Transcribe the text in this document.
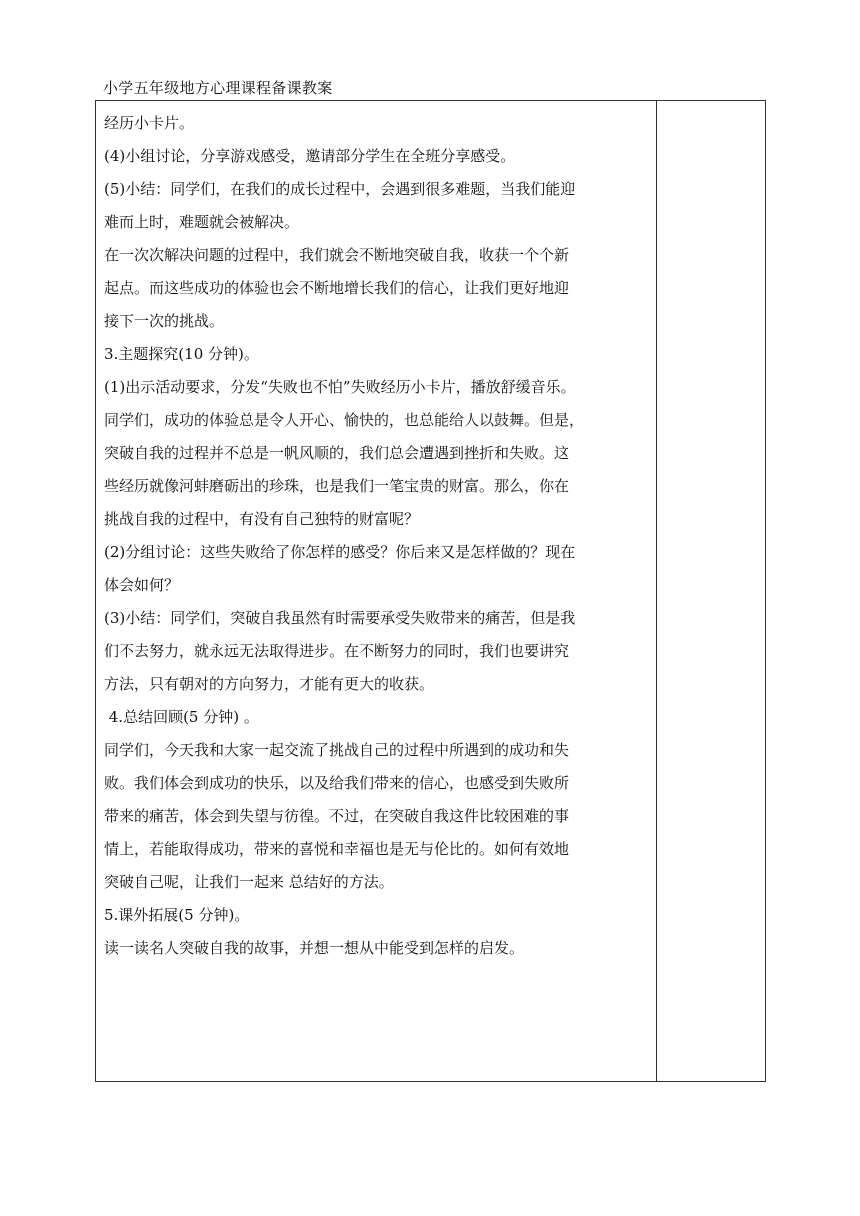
小学五年级地方心理课程备课教案
经历小卡片。
(4)小组讨论，分享游戏感受，邀请部分学生在全班分享感受。
(5)小结：同学们，在我们的成长过程中，会遇到很多难题，当我们能迎
难而上时，难题就会被解决。
在一次次解决问题的过程中，我们就会不断地突破自我，收获一个个新
起点。而这些成功的体验也会不断地增长我们的信心，让我们更好地迎
接下一次的挑战。
3.主题探究(10 分钟)。
(1)出示活动要求，分发“失败也不怕”失败经历小卡片，播放舒缓音乐。
同学们，成功的体验总是令人开心、愉快的，也总能给人以鼓舞。但是，
突破自我的过程并不总是一帆风顺的，我们总会遭遇到挫折和失败。这
些经历就像河蚌磨砺出的珍珠，也是我们一笔宝贵的财富。那么，你在
挑战自我的过程中，有没有自己独特的财富呢？
(2)分组讨论：这些失败给了你怎样的感受？你后来又是怎样做的？现在
体会如何？
(3)小结：同学们，突破自我虽然有时需要承受失败带来的痛苦，但是我
们不去努力，就永远无法取得进步。在不断努力的同时，我们也要讲究
方法，只有朝对的方向努力，才能有更大的收获。
4.总结回顾(5 分钟) 。
同学们，今天我和大家一起交流了挑战自己的过程中所遇到的成功和失
败。我们体会到成功的快乐，以及给我们带来的信心，也感受到失败所
带来的痛苦，体会到失望与彷徨。不过，在突破自我这件比较困难的事
情上，若能取得成功，带来的喜悦和幸福也是无与伦比的。如何有效地
突破自己呢，让我们一起来 总结好的方法。
5.课外拓展(5 分钟)。
读一读名人突破自我的故事，并想一想从中能受到怎样的启发。
